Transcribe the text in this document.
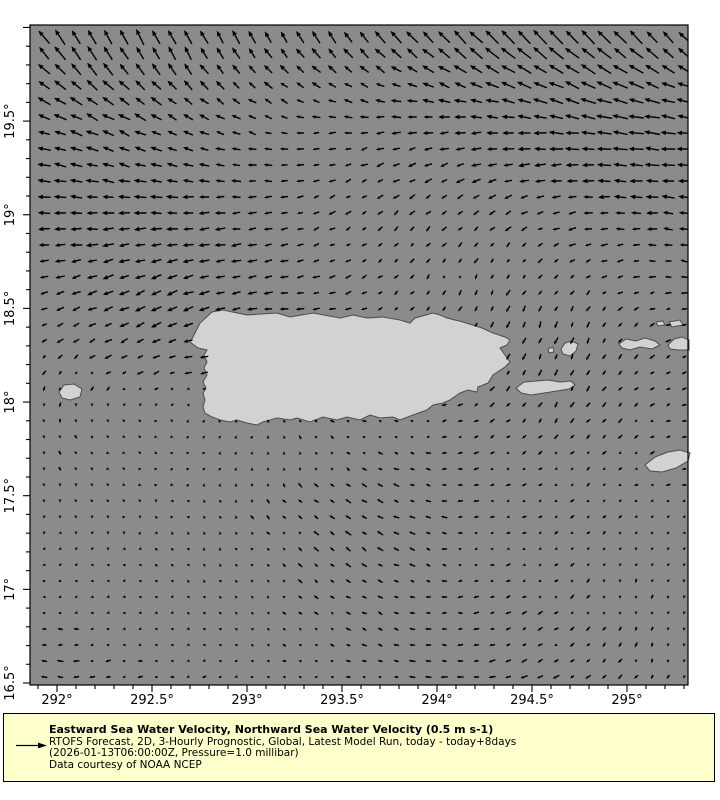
292°	292.5°	293°	293.5°	294°	294.5°	295°
16.5°
17°
17.5°
18°
18.5°
19°
19.5°
Eastward Sea Water Velocity, Northward Sea Water Velocity (0.5 m s-1)
RTOFS Forecast, 2D, 3-Hourly Prognostic, Global, Latest Model Run, today - today+8days
(2026-01-13T06:00:00Z, Pressure=1.0 millibar)
Data courtesy of NOAA NCEP
